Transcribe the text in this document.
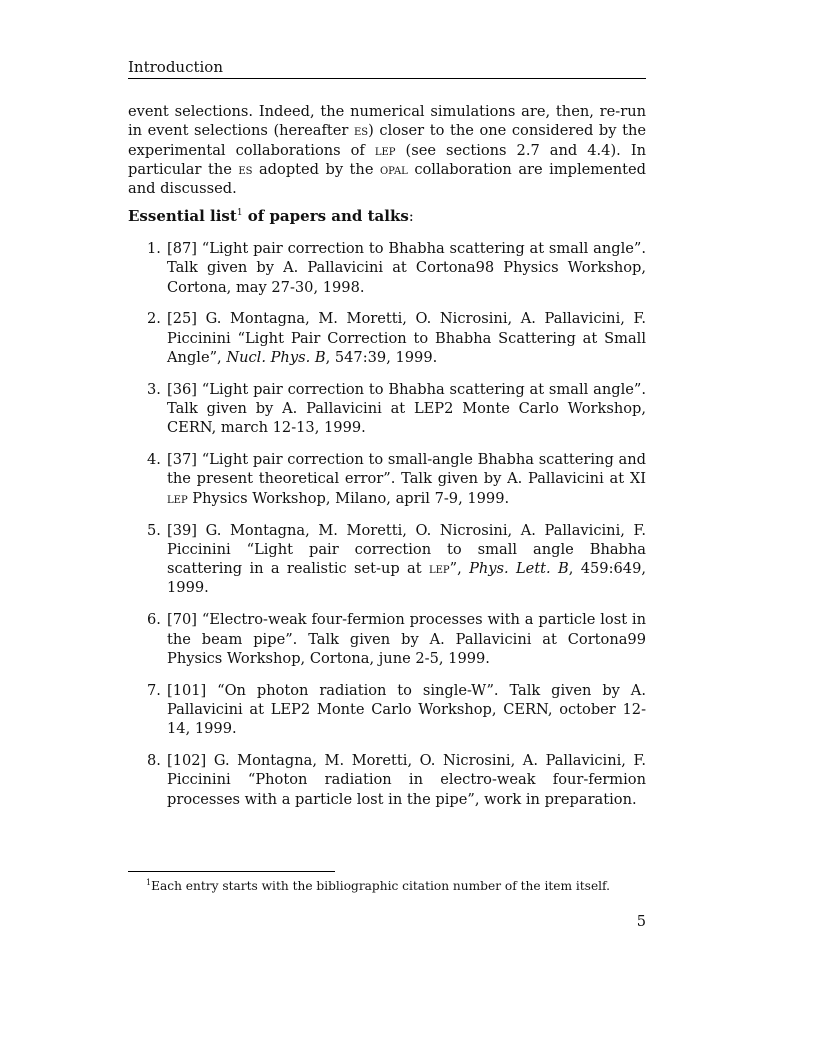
Introduction

event selections. Indeed, the numerical simulations are, then, re-run in event selections (hereafter es) closer to the one considered by the experimental collaborations of lep (see sections 2.7 and 4.4). In particular the es adopted by the opal collaboration are implemented and discussed.

Essential list$^1$ of papers and talks:
1. [87] “Light pair correction to Bhabha scattering at small angle”. Talk given by A. Pallavicini at Cortona98 Physics Workshop, Cortona, may 27-30, 1998.
2. [25] G. Montagna, M. Moretti, O. Nicrosini, A. Pallavicini, F. Piccinini “Light Pair Correction to Bhabha Scattering at Small Angle”, Nucl. Phys. B, 547:39, 1999.
3. [36] “Light pair correction to Bhabha scattering at small angle”. Talk given by A. Pallavicini at LEP2 Monte Carlo Workshop, CERN, march 12-13, 1999.
4. [37] “Light pair correction to small-angle Bhabha scattering and the present theoretical error”. Talk given by A. Pallavicini at XI lep Physics Workshop, Milano, april 7-9, 1999.
5. [39] G. Montagna, M. Moretti, O. Nicrosini, A. Pallavicini, F. Piccinini “Light pair correction to small angle Bhabha scattering in a realistic set-up at lep”, Phys. Lett. B, 459:649, 1999.
6. [70] “Electro-weak four-fermion processes with a particle lost in the beam pipe”. Talk given by A. Pallavicini at Cortona99 Physics Workshop, Cortona, june 2-5, 1999.
7. [101] “On photon radiation to single-W”. Talk given by A. Pallavicini at LEP2 Monte Carlo Workshop, CERN, october 12-14, 1999.
8. [102] G. Montagna, M. Moretti, O. Nicrosini, A. Pallavicini, F. Piccinini “Photon radiation in electro-weak four-fermion processes with a particle lost in the pipe”, work in preparation.
$^1$Each entry starts with the bibliographic citation number of the item itself.
5
